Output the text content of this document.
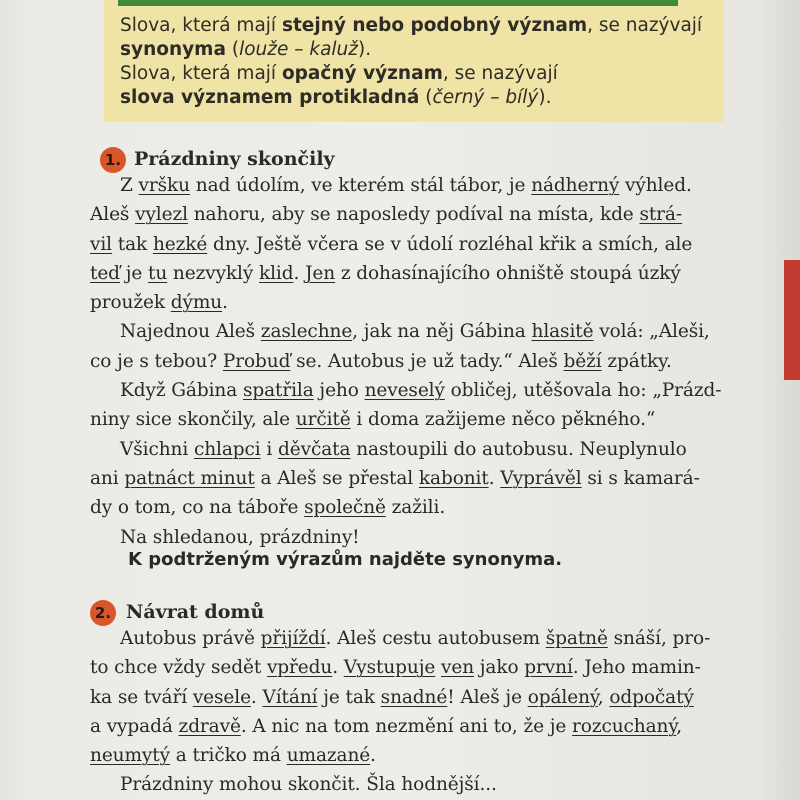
Slova, která mají stejný nebo podobný význam, se nazývají

synonyma (louže – kaluž).

Slova, která mají opačný význam, se nazývají

slova významem protikladná (černý – bílý).

1. Prázdniny skončily
Z vršku nad údolím, ve kterém stál tábor, je nádherný výhled.
Aleš vylezl nahoru, aby se naposledy podíval na místa, kde strá-
vil tak hezké dny. Ještě včera se v údolí rozléhal křik a smích, ale
teď je tu nezvyklý klid. Jen z dohasínajícího ohniště stoupá úzký
proužek dýmu.
Najednou Aleš zaslechne, jak na něj Gábina hlasitě volá: „Aleši,
co je s tebou? Probuď se. Autobus je už tady.“ Aleš běží zpátky.
Když Gábina spatřila jeho neveselý obličej, utěšovala ho: „Prázd-
niny sice skončily, ale určitě i doma zažijeme něco pěkného.“
Všichni chlapci i děvčata nastoupili do autobusu. Neuplynulo
ani patnáct minut a Aleš se přestal kabonit. Vyprávěl si s kamará-
dy o tom, co na táboře společně zažili.
Na shledanou, prázdniny!
K podtrženým výrazům najděte synonyma.
2. Návrat domů
Autobus právě přijíždí. Aleš cestu autobusem špatně snáší, pro-
to chce vždy sedět vpředu. Vystupuje ven jako první. Jeho mamin-
ka se tváří vesele. Vítání je tak snadné! Aleš je opálený, odpočatý
a vypadá zdravě. A nic na tom nezmění ani to, že je rozcuchaný,
neumytý a tričko má umazané.
Prázdniny mohou skončit. Šla hodnější...
